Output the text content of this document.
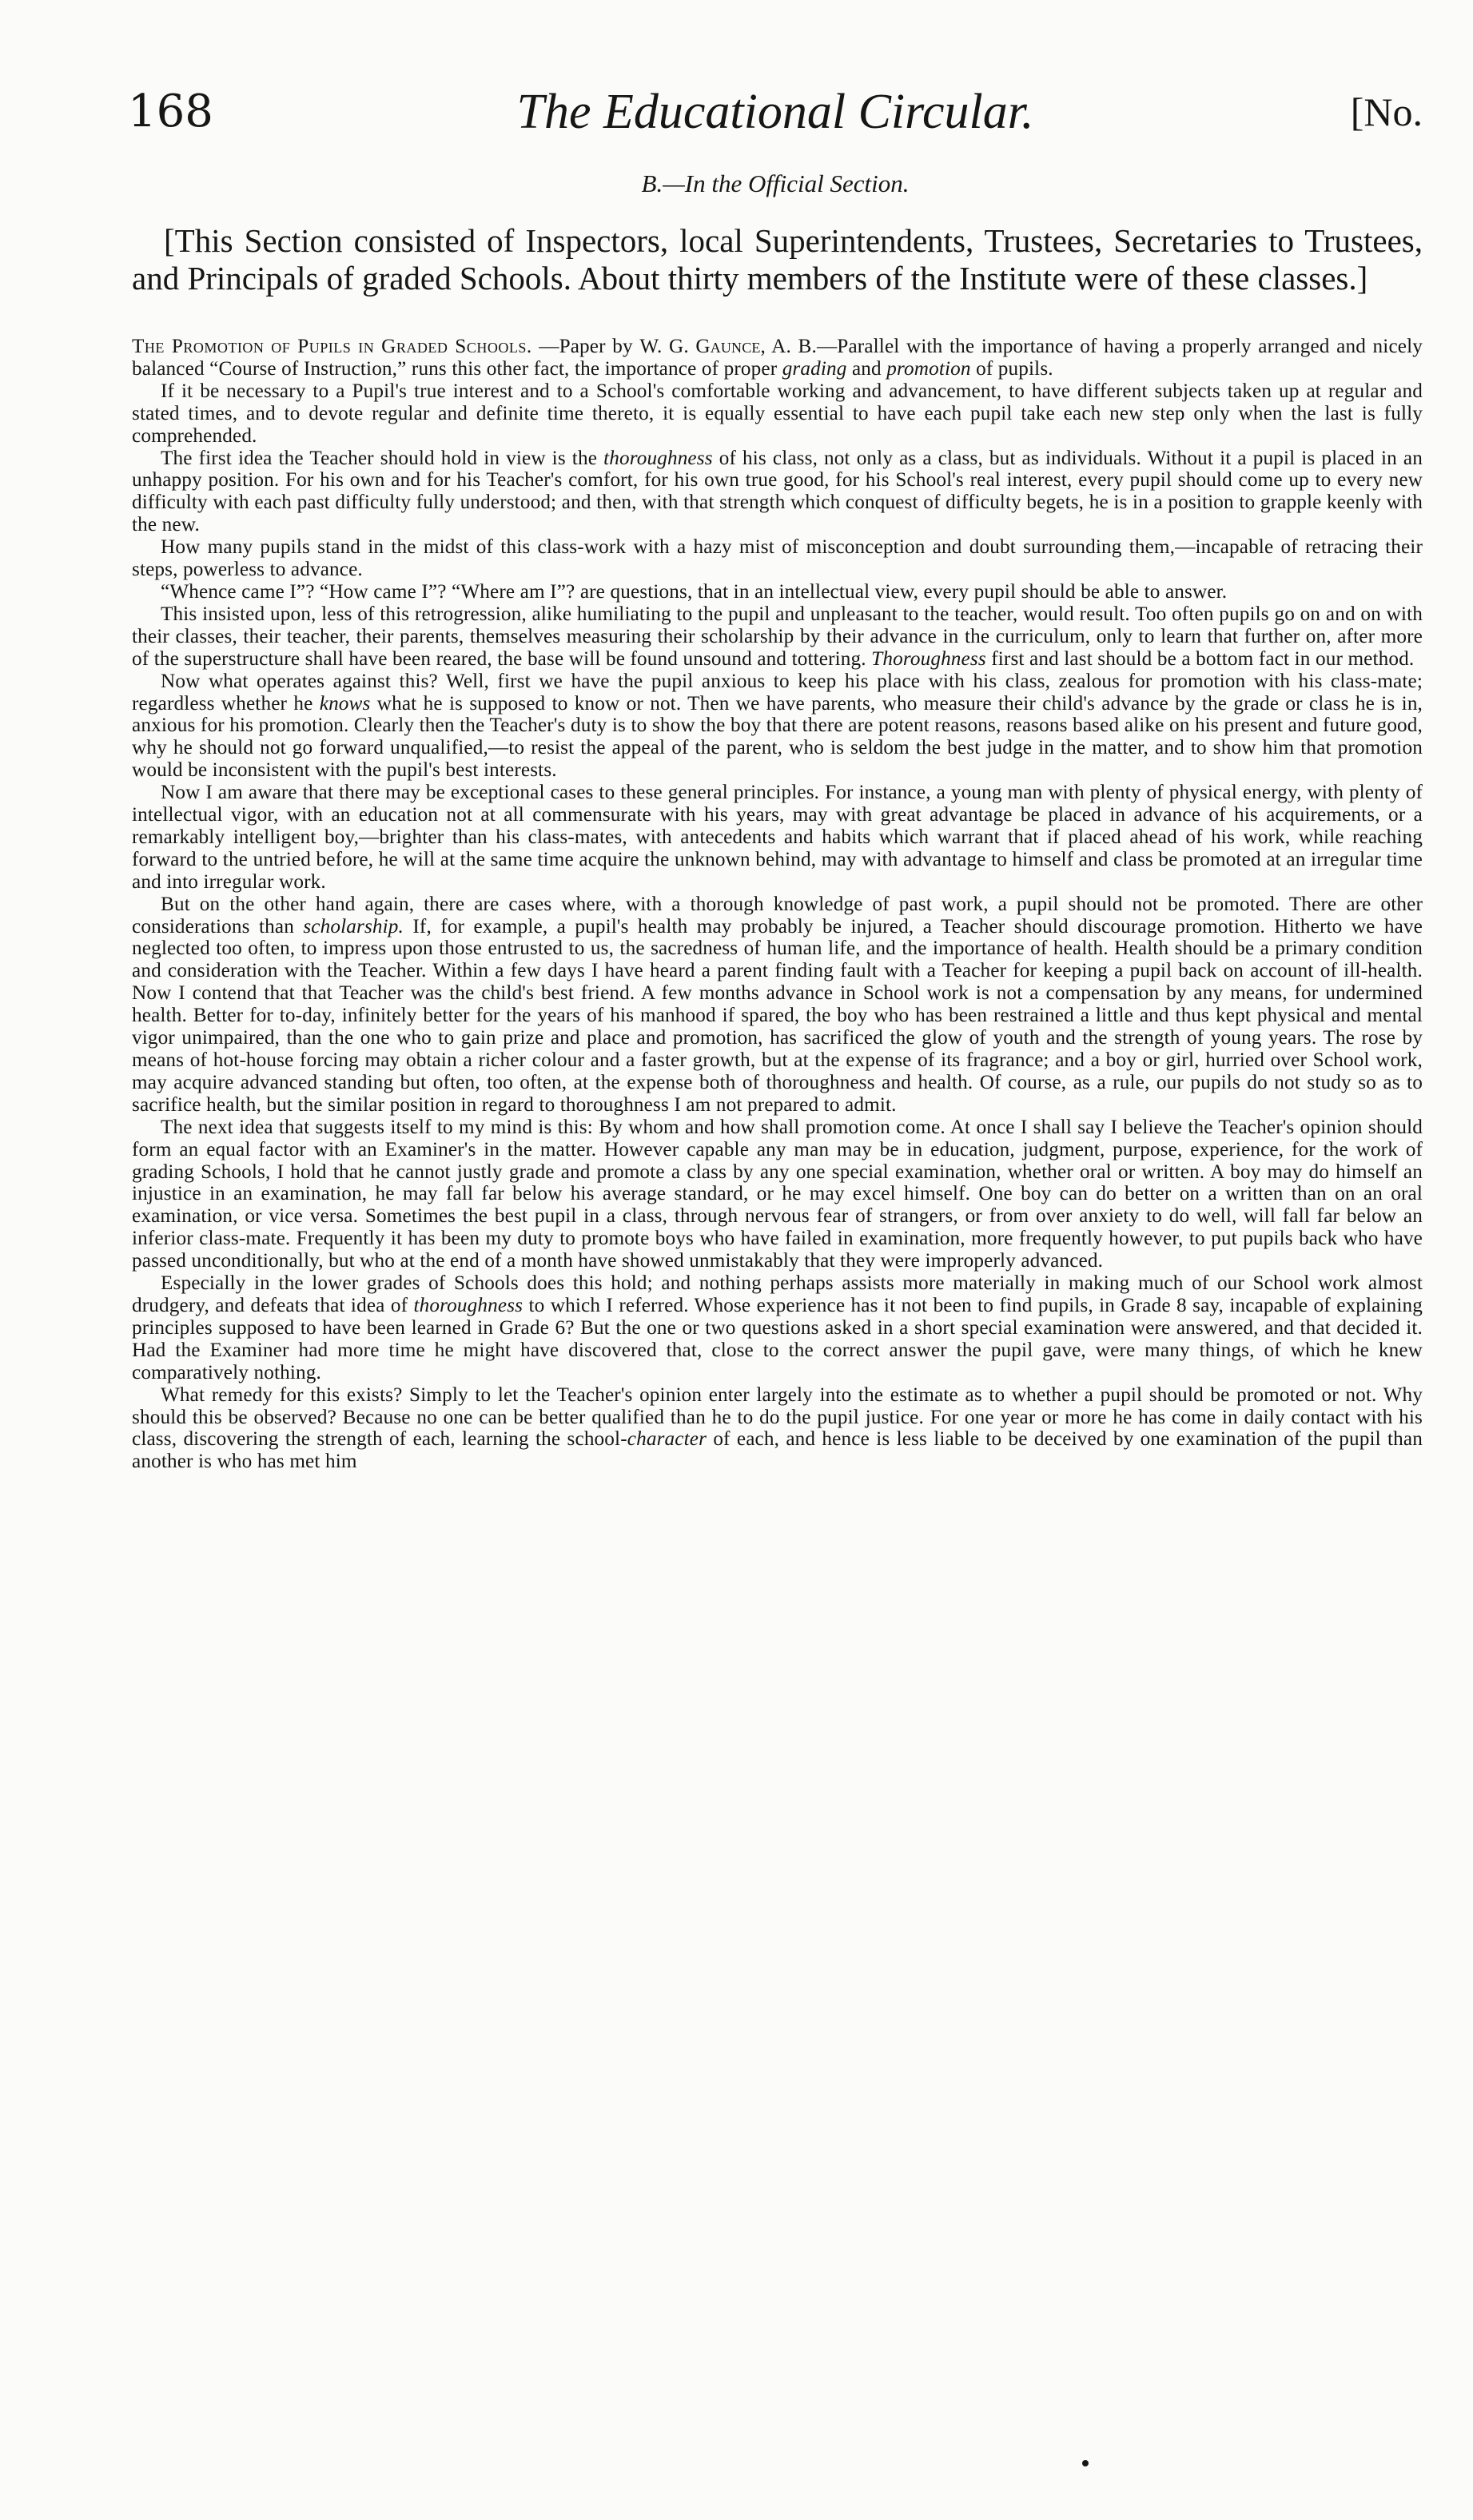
168	The Educational Circular.	[No.
B.—In the Official Section.

[This Section consisted of Inspectors, local Superintendents, Trustees, Secretaries to Trustees, and Principals of graded Schools. About thirty members of the Institute were of these classes.]

The Promotion of Pupils in Graded Schools. —Paper by W. G. Gaunce, A. B.—Parallel with the importance of having a properly arranged and nicely balanced “Course of Instruction,” runs this other fact, the importance of proper grading and promotion of pupils.

If it be necessary to a Pupil's true interest and to a School's comfortable working and advancement, to have different subjects taken up at regular and stated times, and to devote regular and definite time thereto, it is equally essential to have each pupil take each new step only when the last is fully comprehended.

The first idea the Teacher should hold in view is the thoroughness of his class, not only as a class, but as individuals. Without it a pupil is placed in an unhappy position. For his own and for his Teacher's comfort, for his own true good, for his School's real interest, every pupil should come up to every new difficulty with each past difficulty fully understood; and then, with that strength which conquest of difficulty begets, he is in a position to grapple keenly with the new.

How many pupils stand in the midst of this class-work with a hazy mist of misconception and doubt surrounding them,—incapable of retracing their steps, powerless to advance.

“Whence came I”? “How came I”? “Where am I”? are questions, that in an intellectual view, every pupil should be able to answer.

This insisted upon, less of this retrogression, alike humiliating to the pupil and unpleasant to the teacher, would result. Too often pupils go on and on with their classes, their teacher, their parents, themselves measuring their scholarship by their advance in the curriculum, only to learn that further on, after more of the superstructure shall have been reared, the base will be found unsound and tottering. Thoroughness first and last should be a bottom fact in our method.

Now what operates against this? Well, first we have the pupil anxious to keep his place with his class, zealous for promotion with his class-mate; regardless whether he knows what he is supposed to know or not. Then we have parents, who measure their child's advance by the grade or class he is in, anxious for his promotion. Clearly then the Teacher's duty is to show the boy that there are potent reasons, reasons based alike on his present and future good, why he should not go forward unqualified,—to resist the appeal of the parent, who is seldom the best judge in the matter, and to show him that promotion would be inconsistent with the pupil's best interests.

Now I am aware that there may be exceptional cases to these general principles. For instance, a young man with plenty of physical energy, with plenty of intellectual vigor, with an education not at all commensurate with his years, may with great advantage be placed in advance of his acquirements, or a remarkably intelligent boy,—brighter than his class-mates, with antecedents and habits which warrant that if placed ahead of his work, while reaching forward to the untried before, he will at the same time acquire the unknown behind, may with advantage to himself and class be promoted at an irregular time and into irregular work.

But on the other hand again, there are cases where, with a thorough knowledge of past work, a pupil should not be promoted. There are other considerations than scholarship. If, for example, a pupil's health may probably be injured, a Teacher should discourage promotion. Hitherto we have neglected too often, to impress upon those entrusted to us, the sacredness of human life, and the importance of health. Health should be a primary condition and consideration with the Teacher. Within a few days I have heard a parent finding fault with a Teacher for keeping a pupil back on account of ill-health. Now I contend that that Teacher was the child's best friend. A few months advance in School work is not a compensation by any means, for undermined health. Better for to-day, infinitely better for the years of his manhood if spared, the boy who has been restrained a little and thus kept physical and mental vigor unimpaired, than the one who to gain prize and place and promotion, has sacrificed the glow of youth and the strength of young years. The rose by means of hot-house forcing may obtain a richer colour and a faster growth, but at the expense of its fragrance; and a boy or girl, hurried over School work, may acquire advanced standing but often, too often, at the expense both of thoroughness and health. Of course, as a rule, our pupils do not study so as to sacrifice health, but the similar position in regard to thoroughness I am not prepared to admit.

The next idea that suggests itself to my mind is this: By whom and how shall promotion come. At once I shall say I believe the Teacher's opinion should form an equal factor with an Examiner's in the matter. However capable any man may be in education, judgment, purpose, experience, for the work of grading Schools, I hold that he cannot justly grade and promote a class by any one special examination, whether oral or written. A boy may do himself an injustice in an examination, he may fall far below his average standard, or he may excel himself. One boy can do better on a written than on an oral examination, or vice versa. Sometimes the best pupil in a class, through nervous fear of strangers, or from over anxiety to do well, will fall far below an inferior class-mate. Frequently it has been my duty to promote boys who have failed in examination, more frequently however, to put pupils back who have passed unconditionally, but who at the end of a month have showed unmistakably that they were improperly advanced.

Especially in the lower grades of Schools does this hold; and nothing perhaps assists more materially in making much of our School work almost drudgery, and defeats that idea of thoroughness to which I referred. Whose experience has it not been to find pupils, in Grade 8 say, incapable of explaining principles supposed to have been learned in Grade 6? But the one or two questions asked in a short special examination were answered, and that decided it. Had the Examiner had more time he might have discovered that, close to the correct answer the pupil gave, were many things, of which he knew comparatively nothing.

What remedy for this exists? Simply to let the Teacher's opinion enter largely into the estimate as to whether a pupil should be promoted or not. Why should this be observed? Because no one can be better qualified than he to do the pupil justice. For one year or more he has come in daily contact with his class, discovering the strength of each, learning the school-character of each, and hence is less liable to be deceived by one examination of the pupil than another is who has met him
